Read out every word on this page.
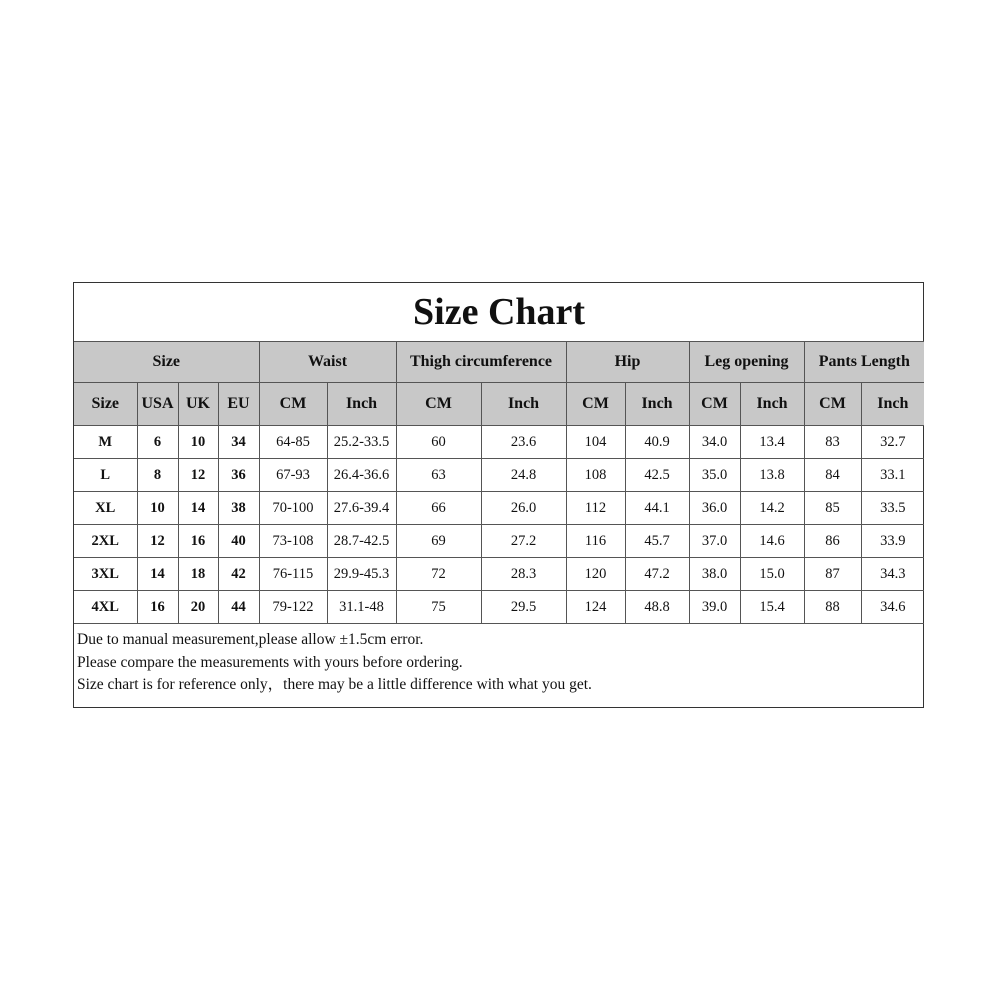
Size Chart													
Size				Waist		Thigh circumference		Hip		Leg opening		Pants Length	
Size	USA	UK	EU	CM	Inch	CM	Inch	CM	Inch	CM	Inch	CM	Inch
M	6	10	34	64-85	25.2-33.5	60	23.6	104	40.9	34.0	13.4	83	32.7
L	8	12	36	67-93	26.4-36.6	63	24.8	108	42.5	35.0	13.8	84	33.1
XL	10	14	38	70-100	27.6-39.4	66	26.0	112	44.1	36.0	14.2	85	33.5
2XL	12	16	40	73-108	28.7-42.5	69	27.2	116	45.7	37.0	14.6	86	33.9
3XL	14	18	42	76-115	29.9-45.3	72	28.3	120	47.2	38.0	15.0	87	34.3
4XL	16	20	44	79-122	31.1-48	75	29.5	124	48.8	39.0	15.4	88	34.6
Due to manual measurement,please allow ±1.5cm error.
Please compare the measurements with yours before ordering.
Size chart is for reference only，there may be a little difference with what you get.
